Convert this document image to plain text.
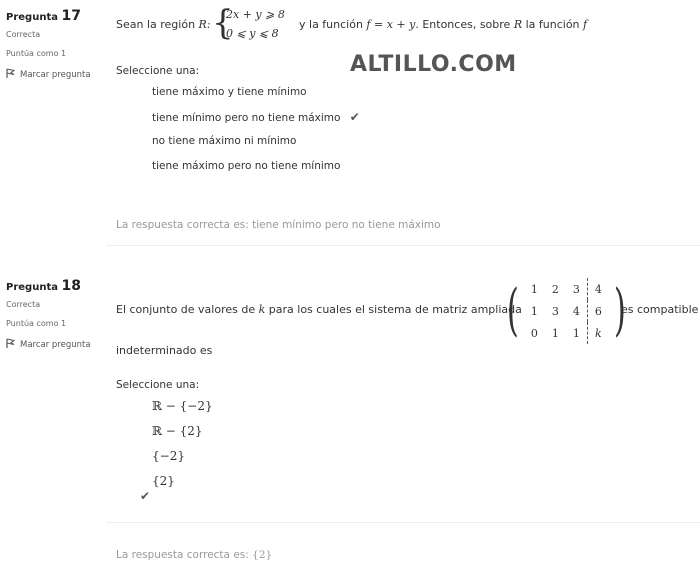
ALTILLO.COM
Pregunta 17
Correcta
Puntúa como 1
Marcar pregunta
Sean la región R: {
2x + y ⩾ 8
0 ⩽ y ⩽ 8
y la función f = x + y. Entonces, sobre R la función f
Seleccione una:
tiene máximo y tiene mínimo
tiene mínimo pero no tiene máximo ✔
no tiene máximo ni mínimo
tiene máximo pero no tiene mínimo
La respuesta correcta es: tiene mínimo pero no tiene máximo
Pregunta 18
Correcta
Puntúa como 1
Marcar pregunta
El conjunto de valores de k para los cuales el sistema de matriz ampliada
( 1	2	3	4
1	3	4	6
0	1	1	k )
es compatible
indeterminado es
Seleccione una:
ℝ − {−2}
ℝ − {2}
{−2}
{2}
✔
La respuesta correcta es: {2}
